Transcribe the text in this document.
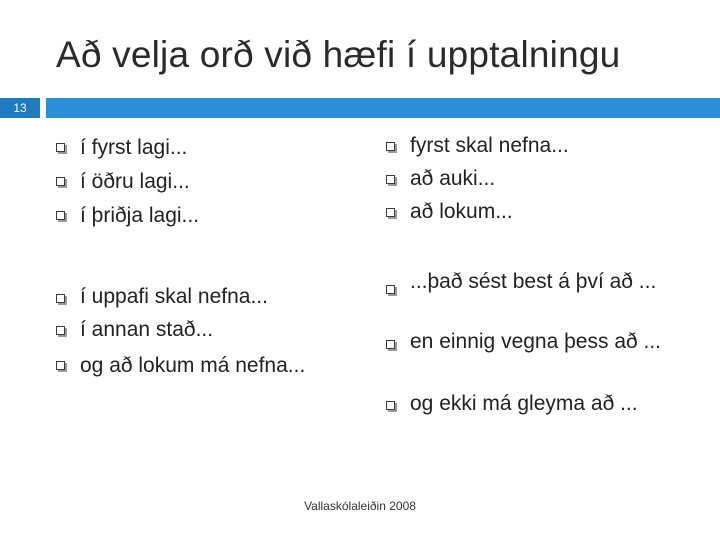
Að velja orð við hæfi í upptalningu
13
í fyrst lagi...
í öðru lagi...
í þriðja lagi...
í uppafi skal nefna...
í annan stað...
og að lokum má nefna...
fyrst skal nefna...
að auki...
að lokum...
...það sést best á því að ...
en einnig vegna þess að ...
og ekki má gleyma að ...
Vallaskólaleiðin 2008
